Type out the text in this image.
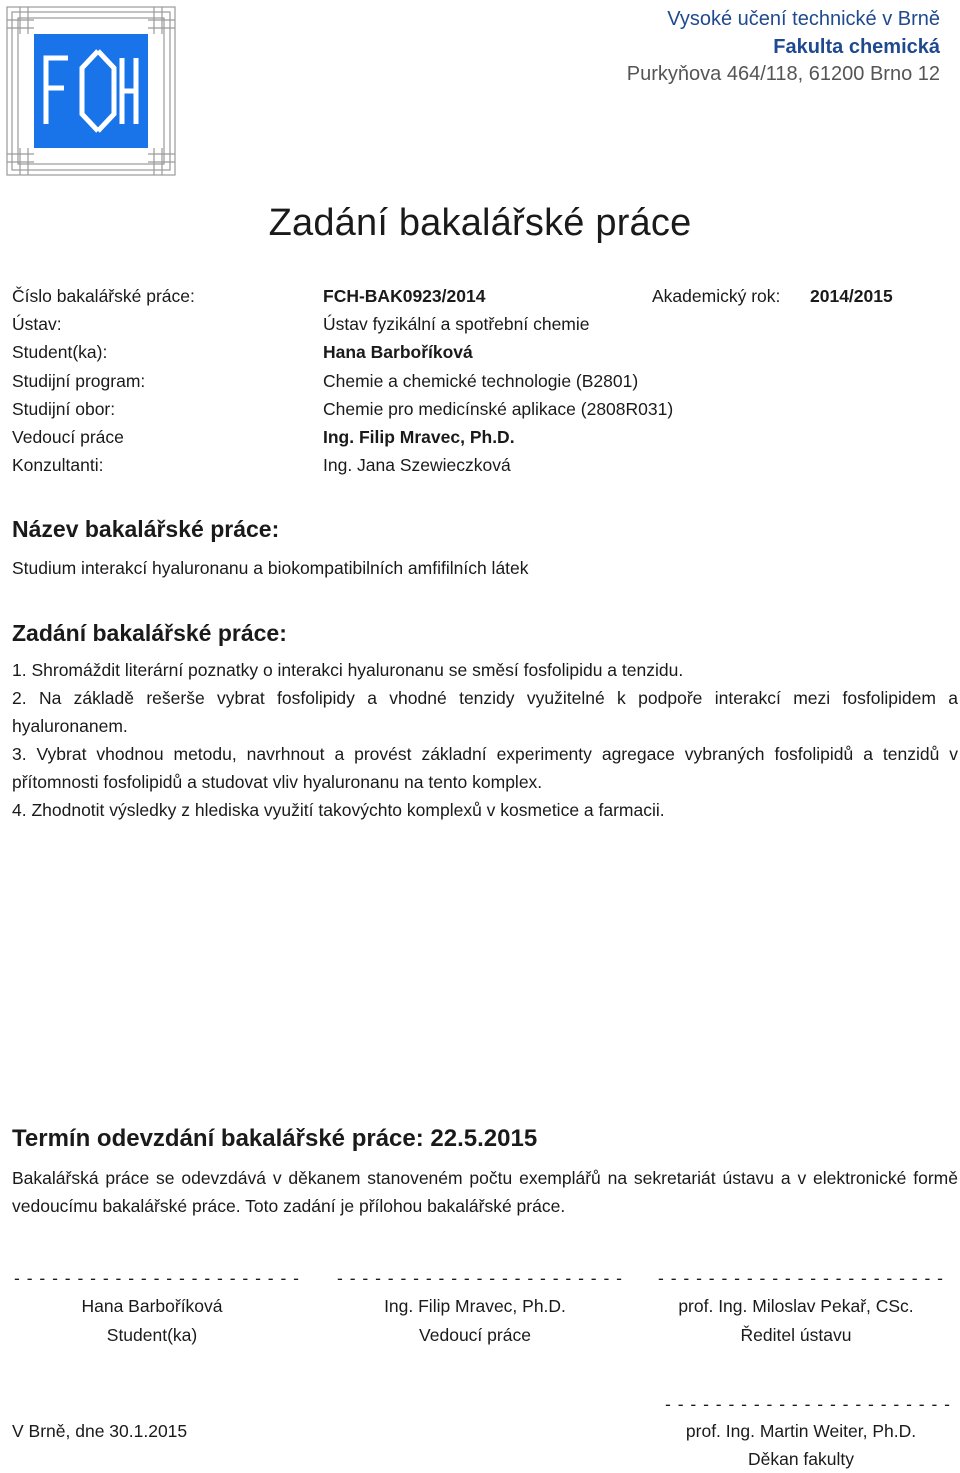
Vysoké učení technické v Brně
Fakulta chemická
Purkyňova 464/118, 61200 Brno 12
Zadání bakalářské práce
Číslo bakalářské práce:	FCH-BAK0923/2014	Akademický rok: 2014/2015
Ústav:	Ústav fyzikální a spotřební chemie
Student(ka):	Hana Barboříková
Studijní program:	Chemie a chemické technologie (B2801)
Studijní obor:	Chemie pro medicínské aplikace (2808R031)
Vedoucí práce	Ing. Filip Mravec, Ph.D.
Konzultanti:	Ing. Jana Szewieczková
Název bakalářské práce:
Studium interakcí hyaluronanu a biokompatibilních amfifilních látek
Zadání bakalářské práce:
1. Shromáždit literární poznatky o interakci hyaluronanu se směsí fosfolipidu a tenzidu.
2. Na základě rešerše vybrat fosfolipidy a vhodné tenzidy využitelné k podpoře interakcí mezi fosfolipidem a hyaluronanem.
3. Vybrat vhodnou metodu, navrhnout a provést základní experimenty agregace vybraných fosfolipidů a tenzidů v přítomnosti fosfolipidů a studovat vliv hyaluronanu na tento komplex.
4. Zhodnotit výsledky z hlediska využití takovýchto komplexů v kosmetice a farmacii.
Termín odevzdání bakalářské práce: 22.5.2015
Bakalářská práce se odevzdává v děkanem stanoveném počtu exemplářů na sekretariát ústavu a v elektronické formě vedoucímu bakalářské práce. Toto zadání je přílohou bakalářské práce.
- - - - - - - - - - - - - - - - - - - - - - - - - - - - - - - - - - - - - - - - - - - - - - - - - - - - - - - - - - - - - - - - - - - - -
Hana Barboříková
Student(ka)
Ing. Filip Mravec, Ph.D.
Vedoucí práce
prof. Ing. Miloslav Pekař, CSc.
Ředitel ústavu
- - - - - - - - - - - - - - - - - - - - - - -
V Brně, dne 30.1.2015	prof. Ing. Martin Weiter, Ph.D.
Děkan fakulty
